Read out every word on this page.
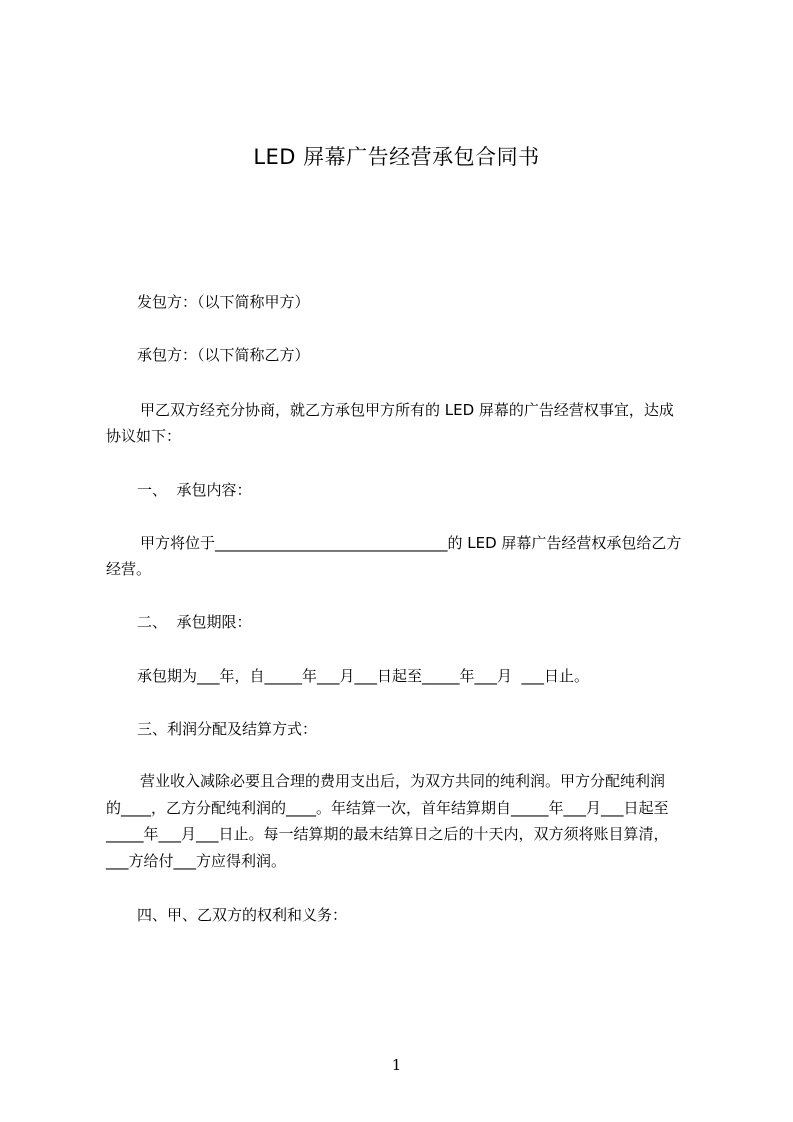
LED 屏幕广告经营承包合同书
发包方：（以下简称甲方）
承包方：（以下简称乙方）
甲乙双方经充分协商，就乙方承包甲方所有的 LED 屏幕的广告经营权事宜，达成
协议如下：
一、  承包内容：
甲方将位于_______________________________的 LED 屏幕广告经营权承包给乙方
经营。
二、  承包期限：
承包期为___年，自_____年___月___日起至_____年___月  ___日止。
三、利润分配及结算方式：
营业收入减除必要且合理的费用支出后，为双方共同的纯利润。甲方分配纯利润
的____，乙方分配纯利润的____。年结算一次，首年结算期自_____年___月___日起至
_____年___月___日止。每一结算期的最末结算日之后的十天内，双方须将账目算清，
___方给付___方应得利润。
四、甲、乙双方的权利和义务：
1
